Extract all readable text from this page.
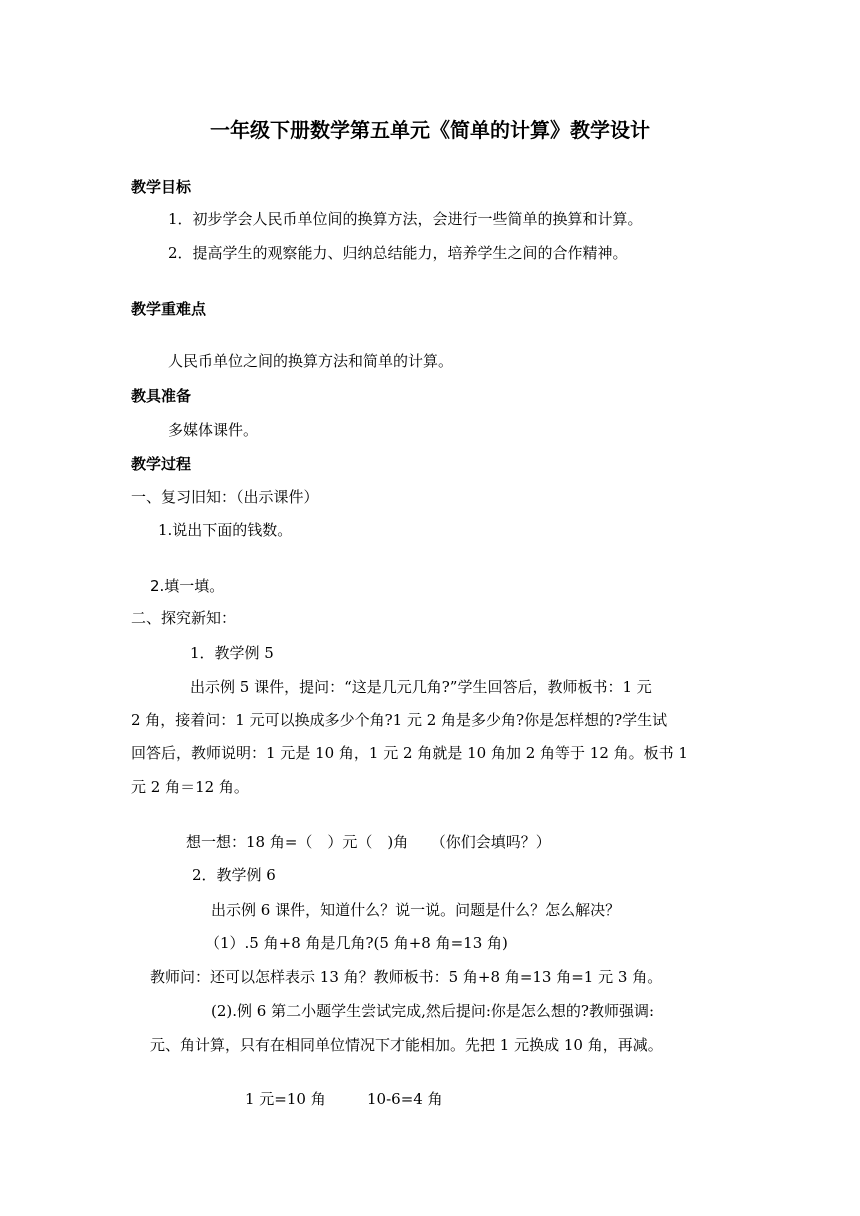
一年级下册数学第五单元《简单的计算》教学设计
教学目标
1．初步学会人民币单位间的换算方法，会进行一些简单的换算和计算。
2．提高学生的观察能力、归纳总结能力，培养学生之间的合作精神。
教学重难点
人民币单位之间的换算方法和简单的计算。
教具准备
多媒体课件。
教学过程
一、复习旧知：（出示课件）
1.说出下面的钱数。
2.填一填。
二、探究新知：
1．教学例 5
出示例 5 课件，提问：“这是几元几角?”学生回答后，教师板书：1 元
2 角，接着问：1 元可以换成多少个角?1 元 2 角是多少角?你是怎样想的?学生试
回答后，教师说明：1 元是 10 角，1 元 2 角就是 10 角加 2 角等于 12 角。板书 1
元 2 角＝12 角。
想一想：18 角=（　）元（　)角　　（你们会填吗？）
2．教学例 6
出示例 6 课件，知道什么？说一说。问题是什么？怎么解决？
（1）.5 角+8 角是几角?(5 角+8 角=13 角)
教师问：还可以怎样表示 13 角？教师板书：5 角+8 角=13 角=1 元 3 角。
(2).例 6 第二小题学生尝试完成,然后提问:你是怎么想的?教师强调:
元、角计算，只有在相同单位情况下才能相加。先把 1 元换成 10 角，再减。
1 元=10 角	10-6=4 角
